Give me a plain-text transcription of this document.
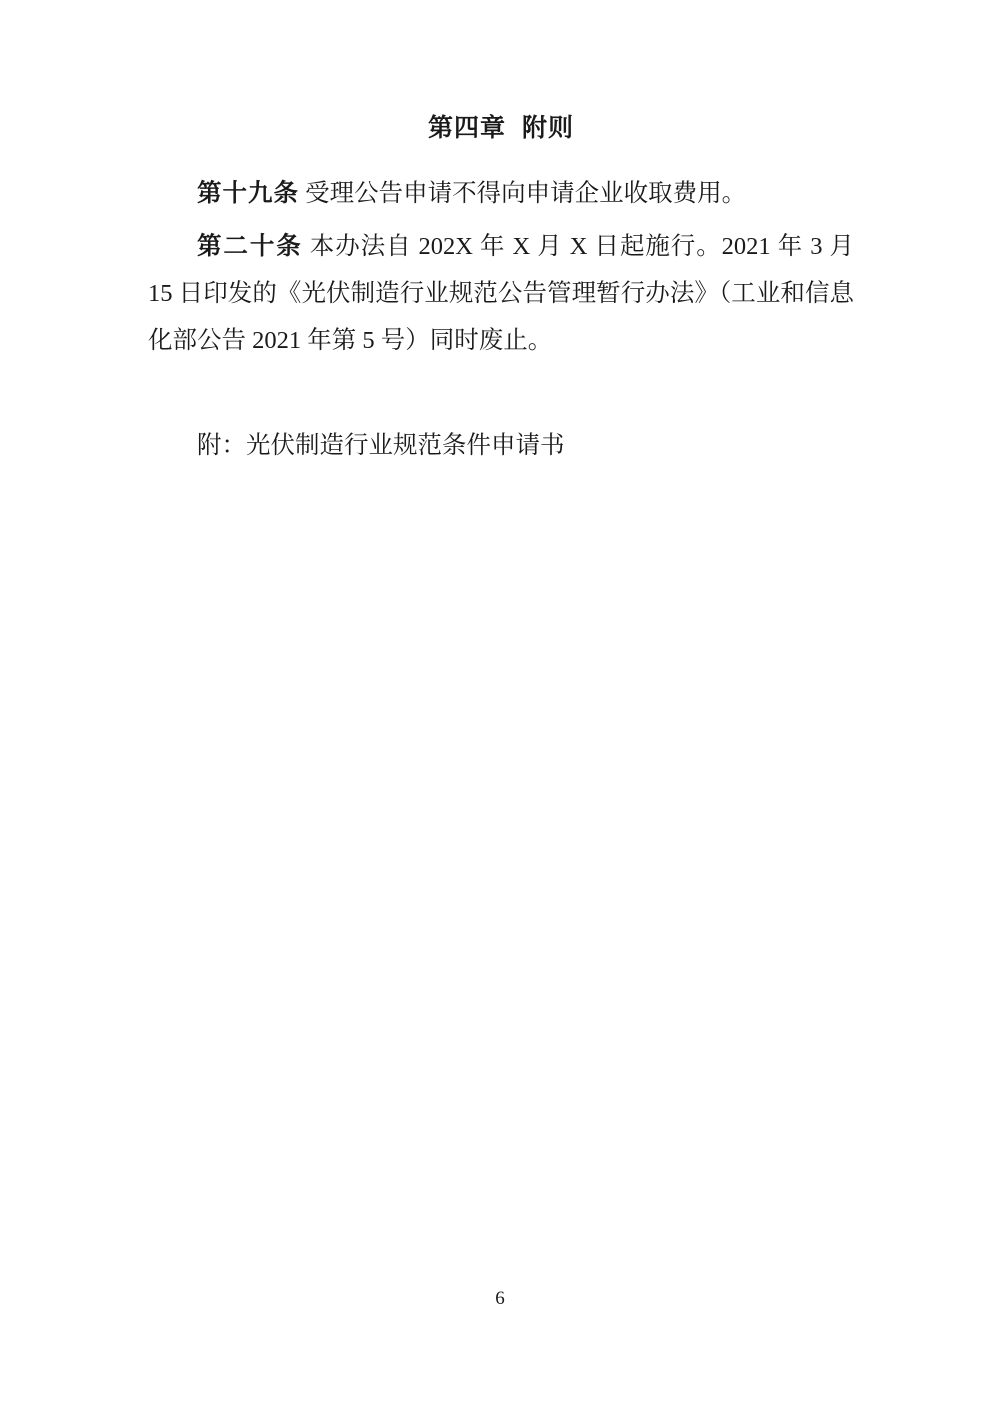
第四章 附则

第十九条 受理公告申请不得向申请企业收取费用。

第二十条 本办法自 202X 年 X 月 X 日起施行。2021 年 3 月 15 日印发的《光伏制造行业规范公告管理暂行办法》（工业和信息化部公告 2021 年第 5 号）同时废止。

附：光伏制造行业规范条件申请书

6
